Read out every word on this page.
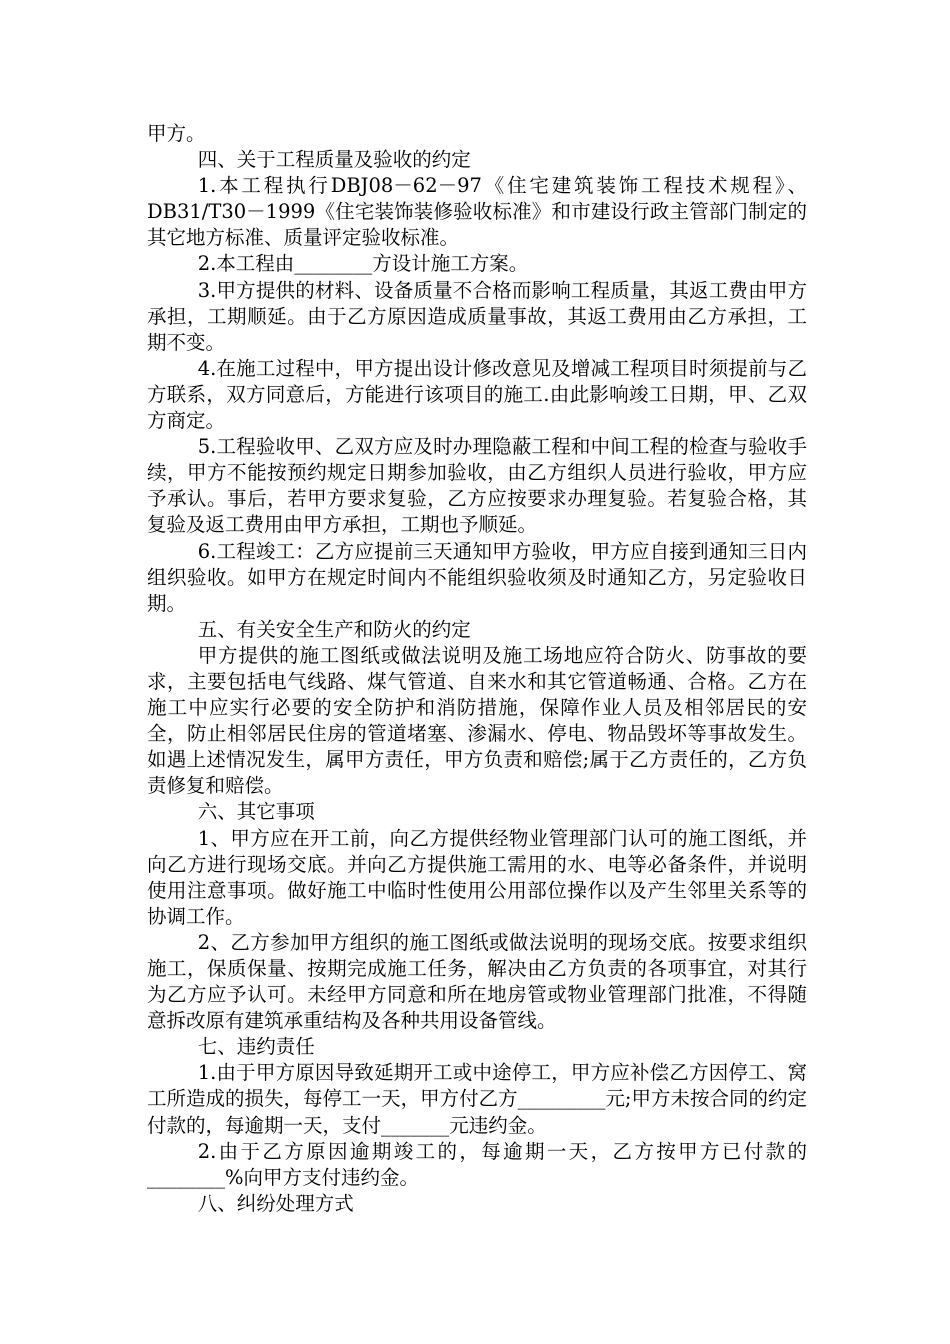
甲方。

四、关于工程质量及验收的约定

1.本工程执行DBJ08－62－97《住宅建筑装饰工程技术规程》、DB31/T30－1999《住宅装饰装修验收标准》和市建设行政主管部门制定的其它地方标准、质量评定验收标准。

2.本工程由________方设计施工方案。

3.甲方提供的材料、设备质量不合格而影响工程质量，其返工费由甲方承担，工期顺延。由于乙方原因造成质量事故，其返工费用由乙方承担，工期不变。

4.在施工过程中，甲方提出设计修改意见及增减工程项目时须提前与乙方联系，双方同意后，方能进行该项目的施工.由此影响竣工日期，甲、乙双方商定。

5.工程验收甲、乙双方应及时办理隐蔽工程和中间工程的检查与验收手续，甲方不能按预约规定日期参加验收，由乙方组织人员进行验收，甲方应予承认。事后，若甲方要求复验，乙方应按要求办理复验。若复验合格，其复验及返工费用由甲方承担，工期也予顺延。

6.工程竣工：乙方应提前三天通知甲方验收，甲方应自接到通知三日内组织验收。如甲方在规定时间内不能组织验收须及时通知乙方，另定验收日期。

五、有关安全生产和防火的约定

甲方提供的施工图纸或做法说明及施工场地应符合防火、防事故的要求，主要包括电气线路、煤气管道、自来水和其它管道畅通、合格。乙方在施工中应实行必要的安全防护和消防措施，保障作业人员及相邻居民的安全，防止相邻居民住房的管道堵塞、渗漏水、停电、物品毁坏等事故发生。如遇上述情况发生，属甲方责任，甲方负责和赔偿;属于乙方责任的，乙方负责修复和赔偿。

六、其它事项

1、甲方应在开工前，向乙方提供经物业管理部门认可的施工图纸，并向乙方进行现场交底。并向乙方提供施工需用的水、电等必备条件，并说明使用注意事项。做好施工中临时性使用公用部位操作以及产生邻里关系等的协调工作。

2、乙方参加甲方组织的施工图纸或做法说明的现场交底。按要求组织施工，保质保量、按期完成施工任务，解决由乙方负责的各项事宜，对其行为乙方应予认可。未经甲方同意和所在地房管或物业管理部门批准，不得随意拆改原有建筑承重结构及各种共用设备管线。

七、违约责任

1.由于甲方原因导致延期开工或中途停工，甲方应补偿乙方因停工、窝工所造成的损失，每停工一天，甲方付乙方_________元;甲方未按合同的约定付款的，每逾期一天，支付_______元违约金。

2.由于乙方原因逾期竣工的，每逾期一天，乙方按甲方已付款的________%向甲方支付违约金。

八、纠纷处理方式
